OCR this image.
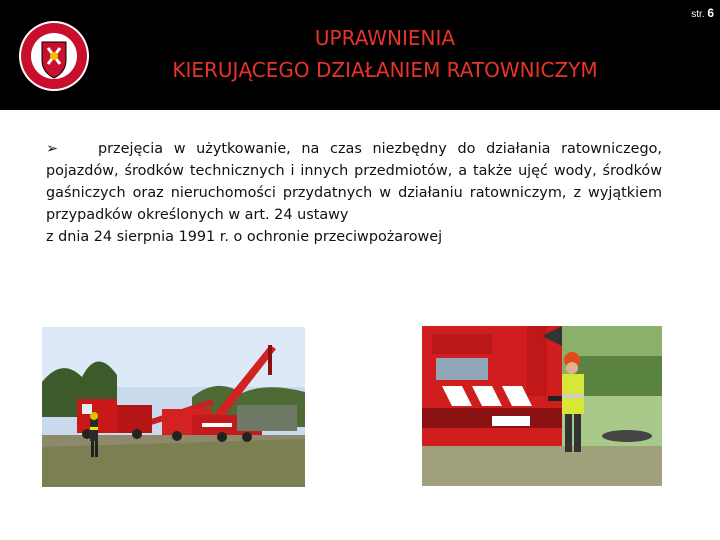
UPRAWNIENIA
KIERUJĄCEGO DZIAŁANIEM RATOWNICZYM
str. 6
➢	przejęcia w użytkowanie, na czas niezbędny do działania ratowniczego, pojazdów, środków technicznych i innych przedmiotów, a także ujęć wody, środków gaśniczych oraz nieruchomości przydatnych w działaniu ratowniczym, z wyjątkiem przypadków określonych w art. 24 ustawy
z dnia 24 sierpnia 1991 r. o ochronie przeciwpożarowej
